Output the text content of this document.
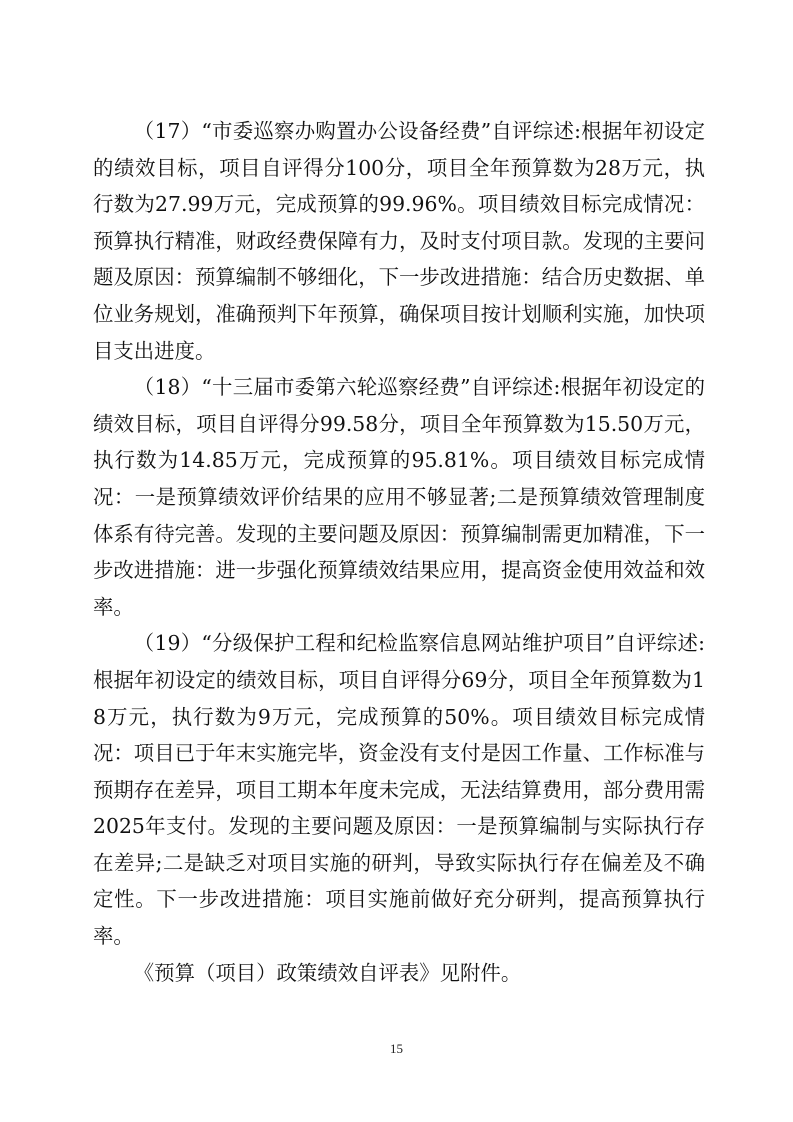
（17）“市委巡察办购置办公设备经费”自评综述:根据年初设定的绩效目标，项目自评得分100分，项目全年预算数为28万元，执行数为27.99万元，完成预算的99.96%。项目绩效目标完成情况：预算执行精准，财政经费保障有力，及时支付项目款。发现的主要问题及原因：预算编制不够细化，下一步改进措施：结合历史数据、单位业务规划，准确预判下年预算，确保项目按计划顺利实施，加快项目支出进度。

（18）“十三届市委第六轮巡察经费”自评综述:根据年初设定的绩效目标，项目自评得分99.58分，项目全年预算数为15.50万元，执行数为14.85万元，完成预算的95.81%。项目绩效目标完成情况：一是预算绩效评价结果的应用不够显著;二是预算绩效管理制度体系有待完善。发现的主要问题及原因：预算编制需更加精准，下一步改进措施：进一步强化预算绩效结果应用，提高资金使用效益和效率。

（19）“分级保护工程和纪检监察信息网站维护项目”自评综述:根据年初设定的绩效目标，项目自评得分69分，项目全年预算数为18万元，执行数为9万元，完成预算的50%。项目绩效目标完成情况：项目已于年末实施完毕，资金没有支付是因工作量、工作标准与预期存在差异，项目工期本年度未完成，无法结算费用，部分费用需2025年支付。发现的主要问题及原因：一是预算编制与实际执行存在差异;二是缺乏对项目实施的研判，导致实际执行存在偏差及不确定性。下一步改进措施：项目实施前做好充分研判，提高预算执行率。

《预算（项目）政策绩效自评表》见附件。

15
